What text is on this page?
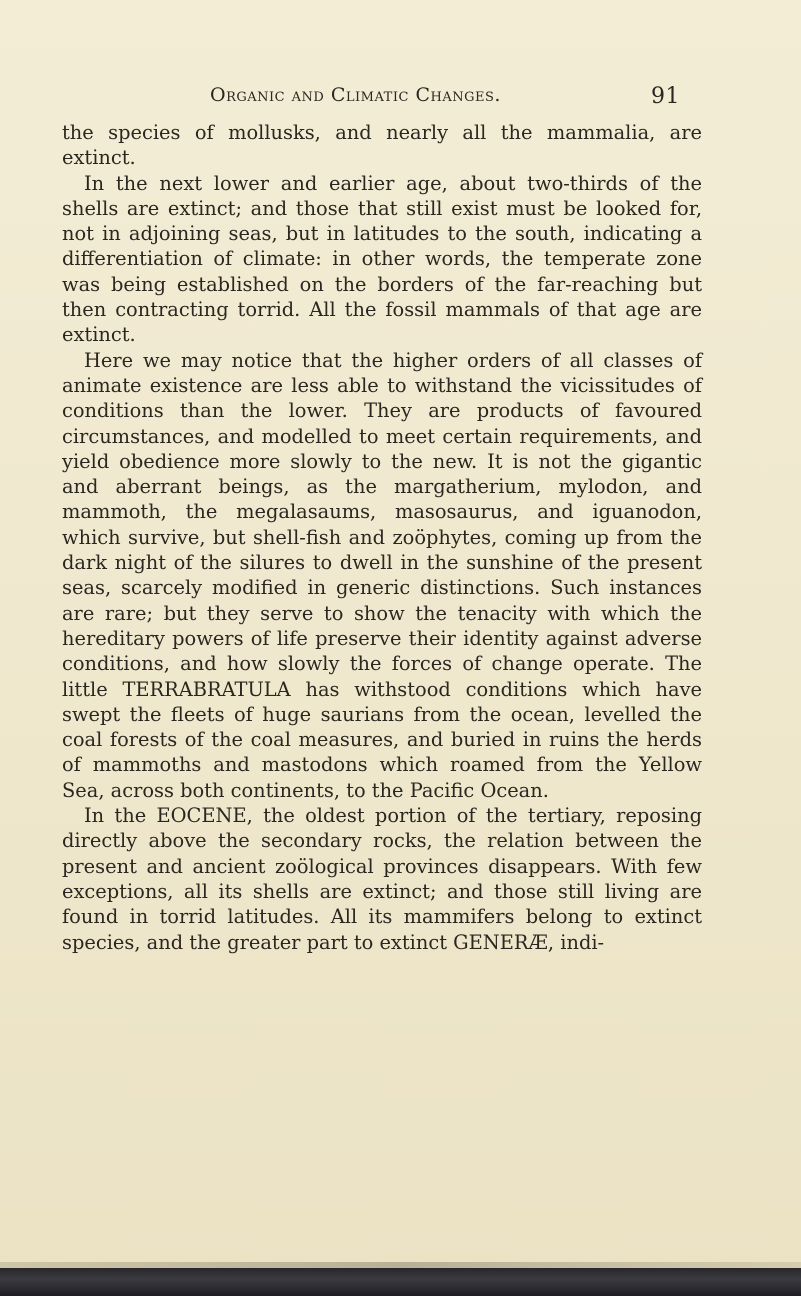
Organic and Climatic Changes.	91

the species of mollusks, and nearly all the mammalia, are extinct.

In the next lower and earlier age, about two-thirds of the shells are extinct; and those that still exist must be looked for, not in adjoining seas, but in latitudes to the south, indicating a differentiation of climate: in other words, the temperate zone was being established on the borders of the far-reaching but then contracting torrid. All the fossil mammals of that age are extinct.

Here we may notice that the higher orders of all classes of animate existence are less able to withstand the vicissitudes of conditions than the lower. They are products of favoured circumstances, and modelled to meet certain requirements, and yield obedience more slowly to the new. It is not the gigantic and aberrant beings, as the margatherium, mylodon, and mammoth, the megalasaums, masosaurus, and iguanodon, which survive, but shell-fish and zoöphytes, coming up from the dark night of the silures to dwell in the sunshine of the present seas, scarcely modified in generic distinctions. Such instances are rare; but they serve to show the tenacity with which the hereditary powers of life preserve their identity against adverse conditions, and how slowly the forces of change operate. The little TERRABRATULA has withstood conditions which have swept the fleets of huge saurians from the ocean, levelled the coal forests of the coal measures, and buried in ruins the herds of mammoths and mastodons which roamed from the Yellow Sea, across both continents, to the Pacific Ocean.

In the EOCENE, the oldest portion of the tertiary, reposing directly above the secondary rocks, the relation between the present and ancient zoölogical provinces disappears. With few exceptions, all its shells are extinct; and those still living are found in torrid latitudes. All its mammifers belong to extinct species, and the greater part to extinct GENERÆ, indi-
